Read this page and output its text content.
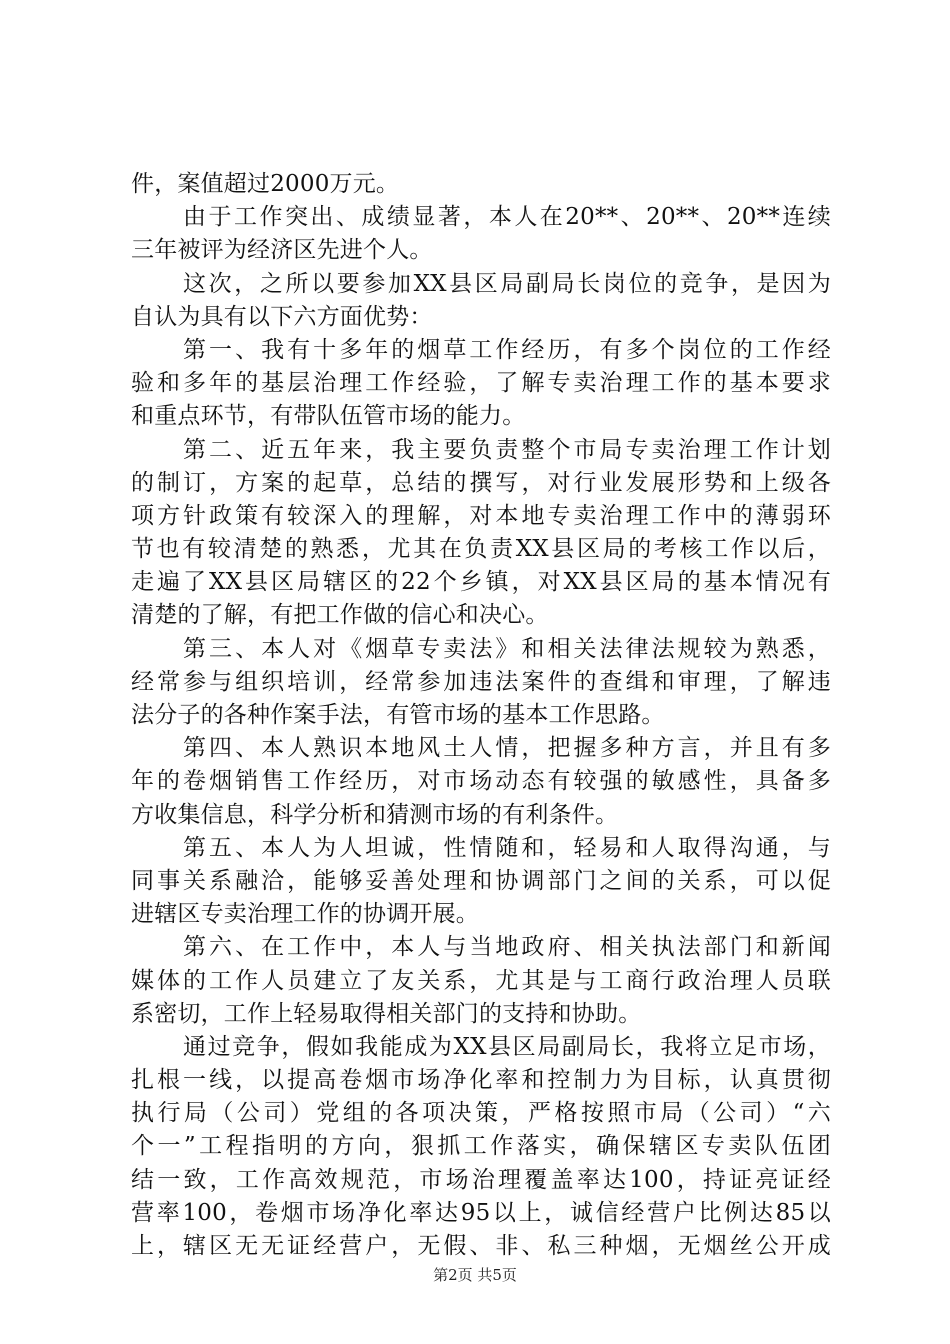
件，案值超过2000万元。
由于工作突出、成绩显著，本人在20**、20**、20**连续
三年被评为经济区先进个人。
这次，之所以要参加XX县区局副局长岗位的竞争，是因为
自认为具有以下六方面优势：
第一、我有十多年的烟草工作经历，有多个岗位的工作经
验和多年的基层治理工作经验，了解专卖治理工作的基本要求
和重点环节，有带队伍管市场的能力。
第二、近五年来，我主要负责整个市局专卖治理工作计划
的制订，方案的起草，总结的撰写，对行业发展形势和上级各
项方针政策有较深入的理解，对本地专卖治理工作中的薄弱环
节也有较清楚的熟悉，尤其在负责XX县区局的考核工作以后，
走遍了XX县区局辖区的22个乡镇，对XX县区局的基本情况有
清楚的了解，有把工作做的信心和决心。
第三、本人对《烟草专卖法》和相关法律法规较为熟悉，
经常参与组织培训，经常参加违法案件的查缉和审理，了解违
法分子的各种作案手法，有管市场的基本工作思路。
第四、本人熟识本地风土人情，把握多种方言，并且有多
年的卷烟销售工作经历，对市场动态有较强的敏感性，具备多
方收集信息，科学分析和猜测市场的有利条件。
第五、本人为人坦诚，性情随和，轻易和人取得沟通，与
同事关系融洽，能够妥善处理和协调部门之间的关系，可以促
进辖区专卖治理工作的协调开展。
第六、在工作中，本人与当地政府、相关执法部门和新闻
媒体的工作人员建立了友关系，尤其是与工商行政治理人员联
系密切，工作上轻易取得相关部门的支持和协助。
通过竞争，假如我能成为XX县区局副局长，我将立足市场，
扎根一线，以提高卷烟市场净化率和控制力为目标，认真贯彻
执行局（公司）党组的各项决策，严格按照市局（公司）“六
个一”工程指明的方向，狠抓工作落实，确保辖区专卖队伍团
结一致，工作高效规范，市场治理覆盖率达100，持证亮证经
营率100，卷烟市场净化率达95以上，诚信经营户比例达85以
上，辖区无无证经营户，无假、非、私三种烟，无烟丝公开成
第2页 共5页
